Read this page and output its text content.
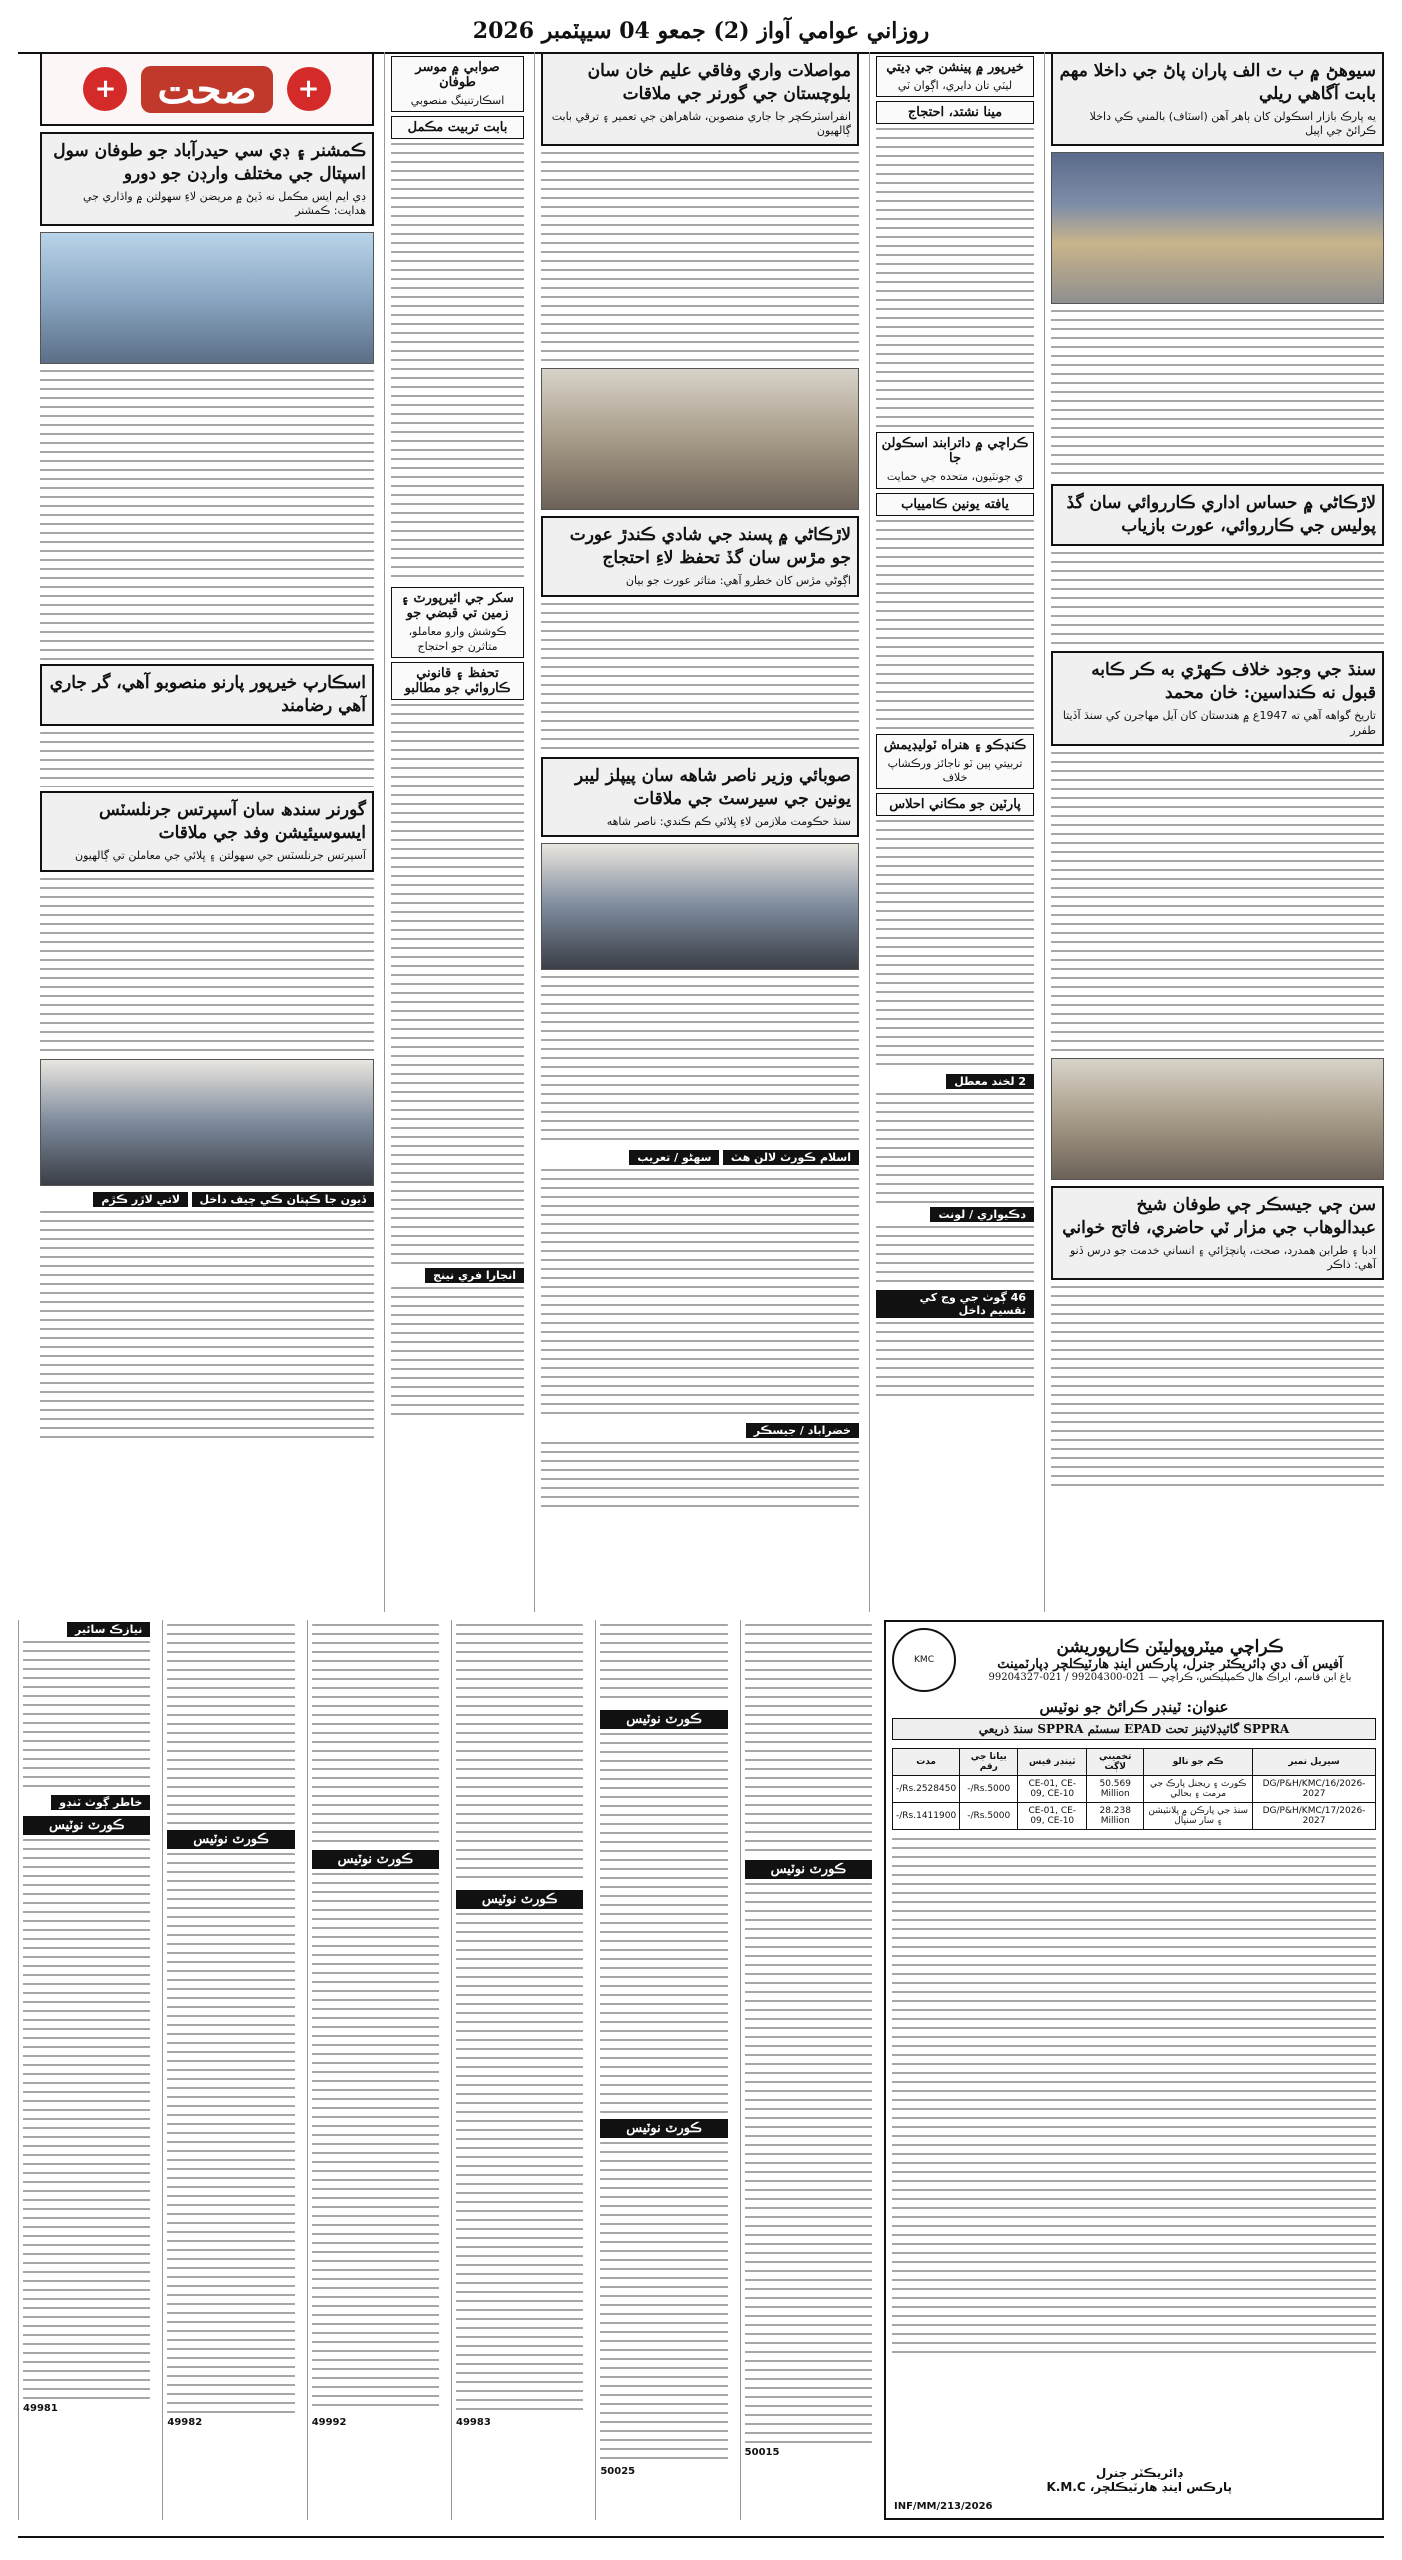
روزاني عوامي آواز (2) جمعو 04 سيپٽمبر 2026
سيوهڻ ۾ ب ٽ الف پاران پاڻ جي داخلا مهم بابت آگاهي ريلي
يه پارڪ بازار اسڪولن کان ٻاهر آهن (اسٽاف) بالمني ڪي داخلا ڪرائڻ جي اپيل
لاڙڪاڻي ۾ حساس اداري ڪارروائي سان گڏ پوليس جي ڪارروائي، عورت بازياب
سنڌ جي وجود خلاف ڪهڙي به ڪر ڪابه قبول نه ڪنداسين: خان محمد
تاريخ گواهه آهي ته 1947ع ۾ هندستان کان آيل مهاجرن کي سنڌ آڏيتا طفرر
سن ڄي جيسڪر ڄي طوفان شيخ عبدالوهاب جي مزار ٽي حاضري، فاتح خواني
ادبا ۽ طرابن همدرد، صحت، پانچڙائي ۽ انساني خدمت جو درس ڏنو آهي: ذاڪر
خيرپور ۾ پينشن جي ڊيتي
ليٽي تان دايري، اڳوان ٽي
مينا نشتد، احتجاج
ڪراچي ۾ داترابند اسڪولن جا
ي جونٽيون، متحده جي حمايت
يافته يونين ڪاميياب
ڪنڊڪو ۽ هنراه ٽوليڊيمش
تربيتي ٻين ٽو ناجائز ورڪشاپ خلاف
پارٽين جو مڪاني احلاس
2 لخند معطل
دڪيواري / لونت
46 ڳوٺ جي وڃ کي تقسيم داخل
مواصلات واري وفاقي عليم خان سان بلوچستان جي گورنر جي ملاقات
انفراسٽرڪچر جا جاري منصوبن، شاهراهن جي تعمير ۽ ترقي بابت ڳالهيون
لاڙڪاڻي ۾ پسند جي شادي ڪندڙ عورت جو مڙس سان گڏ تحفظ لاءِ احتجاج
اڳوڻي مڙس کان خطرو آهي: متاثر عورت جو بيان
صوبائي وزير ناصر شاهه سان پيپلز ليبر يونين جي سيرسٽ جي ملاقات
سنڌ حڪومت ملازمن لاءِ ڀلائي ڪم ڪندي: ناصر شاهه
اسلام ڪورٽ لالن هٽ سهڻو / تعريب
خضراباد / جيسڪر
صوابي ۾ موسر طوفان
اسڪارتنينگ منصوبي
بابت تربيت مڪمل
سکر جي ائيرپورٽ ۽ زمين تي قبضي جو
ڪوشش وارو معاملو، متاثرن جو احتجاج
تحفظ ۽ قانوني ڪاروائي جو مطالبو
انجارا فري نينج
+	صحت	+
ڪمشنر ۽ ڊي سي حيدرآباد جو طوفان سول اسپتال جي مختلف وارڊن جو دورو
ڊي ايم ايس مڪمل نه ڏيڻ ۾ مريضن لاءِ سهولتن ۾ واڌاري جي هدايت: ڪمشنر
اسڪارپ خيرپور پارنو منصوبو آهي، گر جاري آهي رضامند
گورنر سندھ سان آسپرتس جرنلسٽس ايسوسيئيشن وفد جي ملاقات
آسپرتس جرنلسٽس جي سهولتن ۽ ڀلائي جي معاملن تي ڳالهيون
ڏيون جا ڪپتان ڪي چيف داخل لاتي لاڙر ڪڙم
ڪراچي ميٽروپوليٽن ڪارپوريشن
آفيس آف دي ڊائريڪٽر جنرل، پارڪس اينڊ هارٽيڪلچر ڊپارٽمينٽ
باغ ابن قاسم، ايراڪ هال ڪمپليڪس، ڪراچي — 021-99204300 / 021-99204327
KMC
عنوان: ٽينڊر ڪرائڻ جو نوٽيس
SPPRA گائيڊلائينز تحت EPAD سسٽم SPPRA سنڌ ذريعي
سيريل نمبر	ڪم جو نالو	تخميني لاڳت	ٽينڊر فيس	بيانا جي رقم	مدت
DG/P&H/KMC/16/2026-2027	ڪورٽ ۽ ريجنل پارڪ جي مرمت ۽ بحالي	50.569 Million	CE-01, CE-09, CE-10	Rs.5000/-	Rs.2528450/-
DG/P&H/KMC/17/2026-2027	سنڌ جي پارڪن ۾ پلانٽيشن ۽ سار سنڀال	28.238 Million	CE-01, CE-09, CE-10	Rs.5000/-	Rs.1411900/-
ڊائريڪٽر جنرل
پارڪس اينڊ هارٽيڪلچر، K.M.C
INF/MM/213/2026
ڪورٽ نوٽيس
50015
ڪورٽ نوٽيس
ڪورٽ نوٽيس
50025
ڪورٽ نوٽيس
49983
ڪورٽ نوٽيس
49992
ڪورٽ نوٽيس
49982
نيازڪ سائير
خاطر ڳوٺ ٽنڊو
ڪورٽ نوٽيس
49981
